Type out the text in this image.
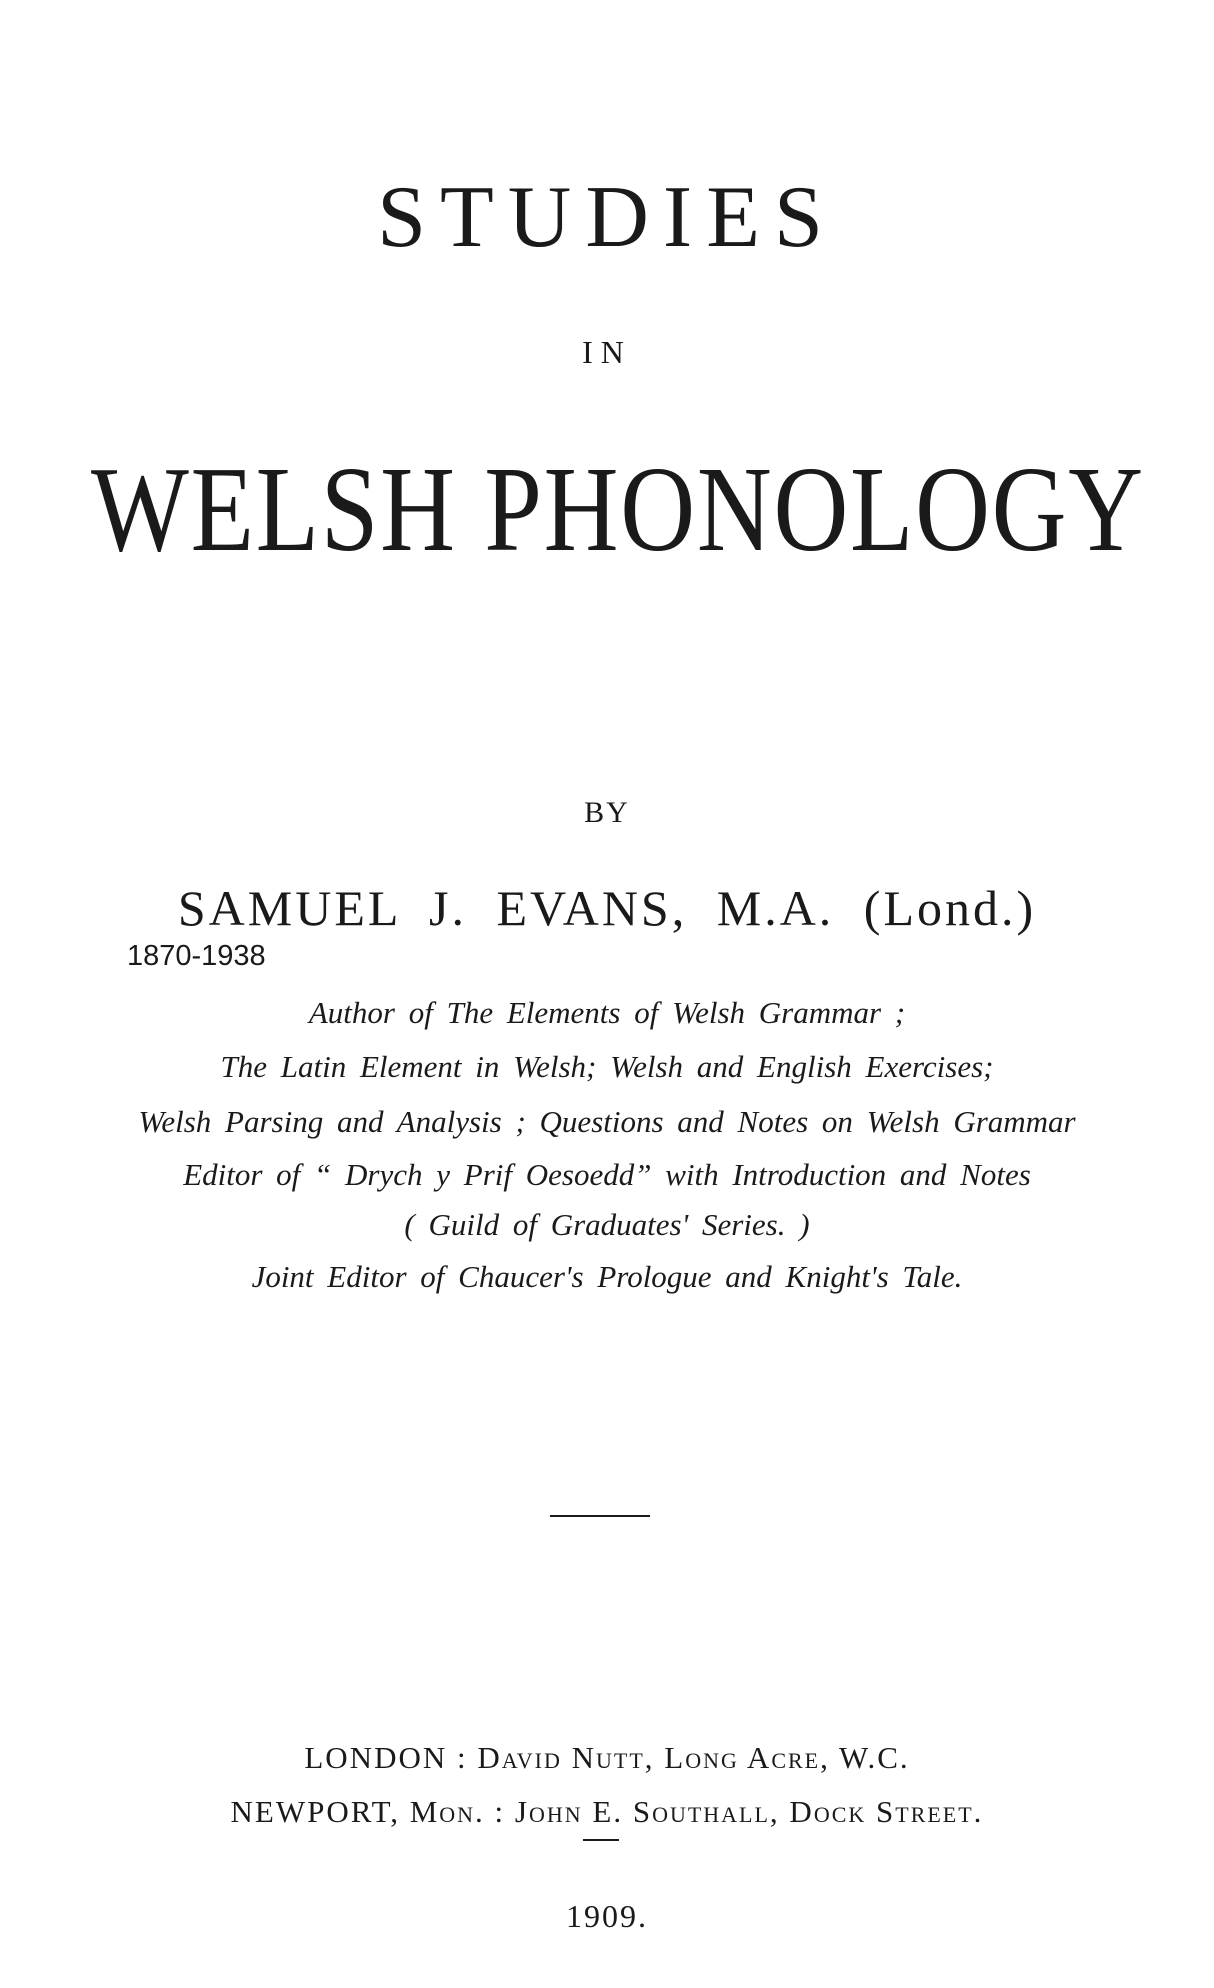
STUDIES
IN
WELSH PHONOLOGY
BY
SAMUEL J. EVANS, M.A. (Lond.)
1870-1938
Author of The Elements of Welsh Grammar ;
The Latin Element in Welsh; Welsh and English Exercises;
Welsh Parsing and Analysis ; Questions and Notes on Welsh Grammar
Editor of “ Drych y Prif Oesoedd” with Introduction and Notes
( Guild of Graduates' Series. )
Joint Editor of Chaucer's Prologue and Knight's Tale.
LONDON : David Nutt, Long Acre, W.C.
NEWPORT, Mon. : John E. Southall, Dock Street.
1909.
